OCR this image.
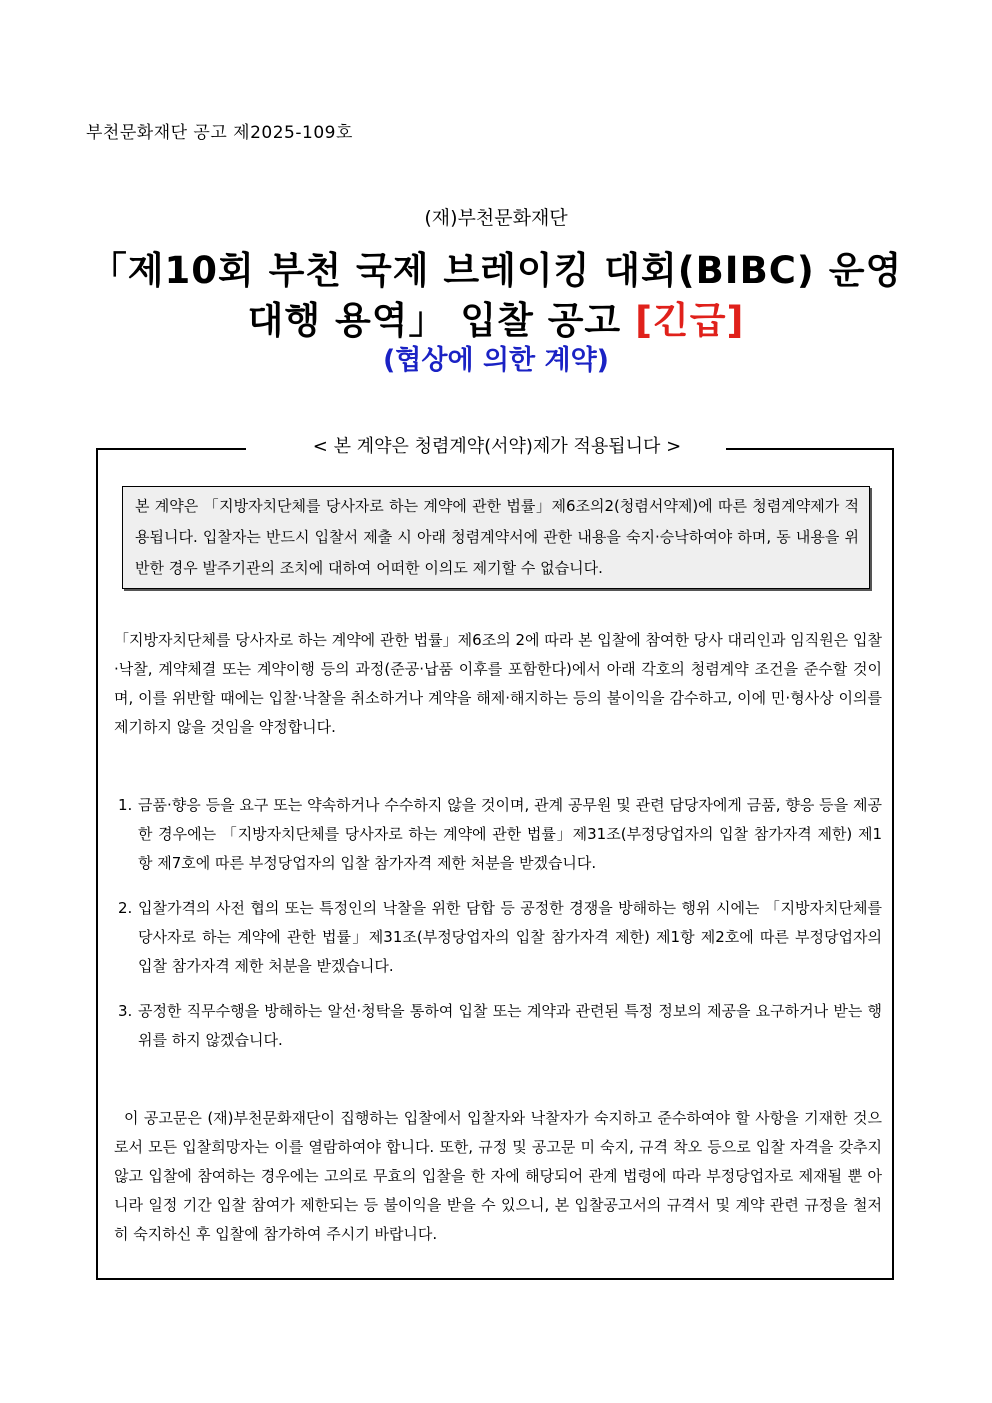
부천문화재단 공고 제2025-109호
(재)부천문화재단
「제10회 부천 국제 브레이킹 대회(BIBC) 운영
대행 용역」 입찰 공고 [긴급]
(협상에 의한 계약)
< 본 계약은 청렴계약(서약)제가 적용됩니다 >
본 계약은 「지방자치단체를 당사자로 하는 계약에 관한 법률」제6조의2(청렴서약제)에 따른 청렴계약제가 적용됩니다. 입찰자는 반드시 입찰서 제출 시 아래 청렴계약서에 관한 내용을 숙지·승낙하여야 하며, 동 내용을 위반한 경우 발주기관의 조치에 대하여 어떠한 이의도 제기할 수 없습니다.
「지방자치단체를 당사자로 하는 계약에 관한 법률」제6조의 2에 따라 본 입찰에 참여한 당사 대리인과 임직원은 입찰·낙찰, 계약체결 또는 계약이행 등의 과정(준공·납품 이후를 포함한다)에서 아래 각호의 청렴계약 조건을 준수할 것이며, 이를 위반할 때에는 입찰·낙찰을 취소하거나 계약을 해제·해지하는 등의 불이익을 감수하고, 이에 민·형사상 이의를 제기하지 않을 것임을 약정합니다.
1. 금품·향응 등을 요구 또는 약속하거나 수수하지 않을 것이며, 관계 공무원 및 관련 담당자에게 금품, 향응 등을 제공한 경우에는 「지방자치단체를 당사자로 하는 계약에 관한 법률」제31조(부정당업자의 입찰 참가자격 제한) 제1항 제7호에 따른 부정당업자의 입찰 참가자격 제한 처분을 받겠습니다.
2. 입찰가격의 사전 협의 또는 특정인의 낙찰을 위한 담합 등 공정한 경쟁을 방해하는 행위 시에는 「지방자치단체를 당사자로 하는 계약에 관한 법률」제31조(부정당업자의 입찰 참가자격 제한) 제1항 제2호에 따른 부정당업자의 입찰 참가자격 제한 처분을 받겠습니다.
3. 공정한 직무수행을 방해하는 알선·청탁을 통하여 입찰 또는 계약과 관련된 특정 정보의 제공을 요구하거나 받는 행위를 하지 않겠습니다.
이 공고문은 (재)부천문화재단이 집행하는 입찰에서 입찰자와 낙찰자가 숙지하고 준수하여야 할 사항을 기재한 것으로서 모든 입찰희망자는 이를 열람하여야 합니다. 또한, 규정 및 공고문 미 숙지, 규격 착오 등으로 입찰 자격을 갖추지 않고 입찰에 참여하는 경우에는 고의로 무효의 입찰을 한 자에 해당되어 관계 법령에 따라 부정당업자로 제재될 뿐 아니라 일정 기간 입찰 참여가 제한되는 등 불이익을 받을 수 있으니, 본 입찰공고서의 규격서 및 계약 관련 규정을 철저히 숙지하신 후 입찰에 참가하여 주시기 바랍니다.
